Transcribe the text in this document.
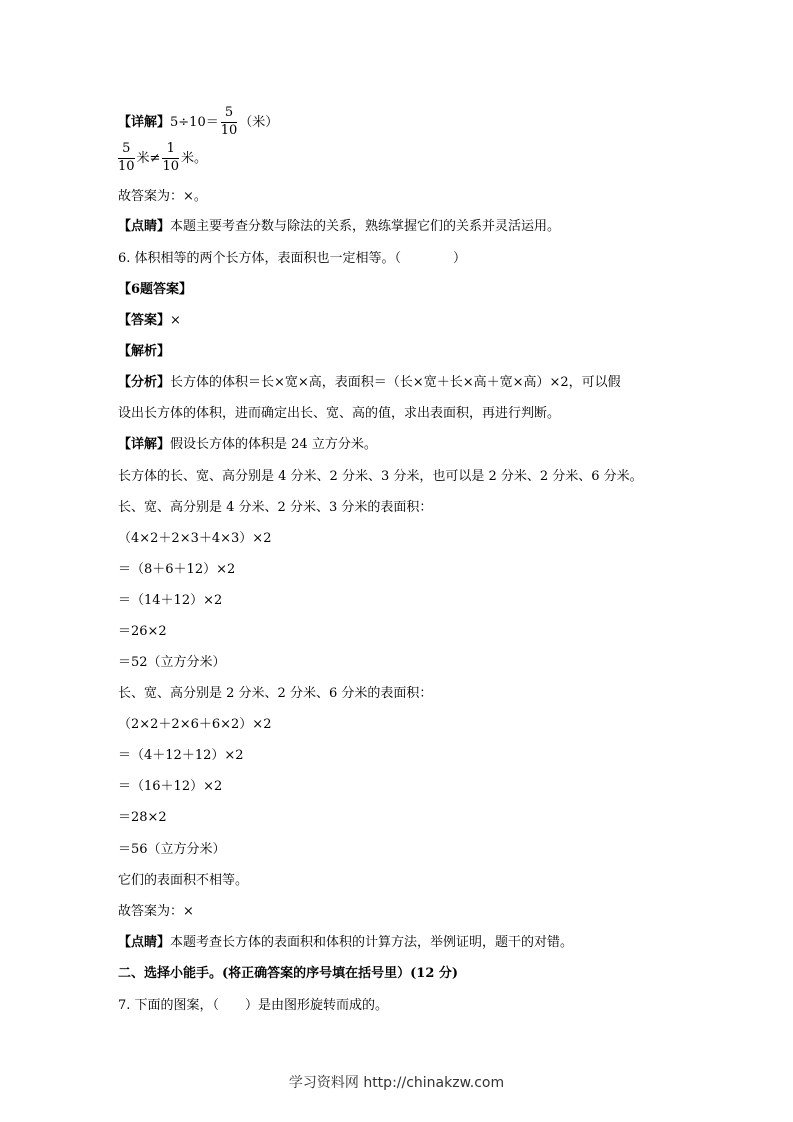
【详解】$5\div 10= \frac{5}{10}$ （米）
$\frac{5}{10}$ 米≠ $\frac{1}{10}$ 米。
故答案为：×。
【点睛】本题主要考查分数与除法的关系，熟练掌握它们的关系并灵活运用。
6. 体积相等的两个长方体，表面积也一定相等。（　　　　）
【6题答案】
【答案】×
【解析】
【分析】长方体的体积＝长×宽×高，表面积＝（长×宽＋长×高＋宽×高）×2，可以假
设出长方体的体积，进而确定出长、宽、高的值，求出表面积，再进行判断。
【详解】假设长方体的体积是 24 立方分米。
长方体的长、宽、高分别是 4 分米、2 分米、3 分米，也可以是 2 分米、2 分米、6 分米。
长、宽、高分别是 4 分米、2 分米、3 分米的表面积：
（4×2＋2×3＋4×3）×2
＝（8＋6＋12）×2
＝（14＋12）×2
＝26×2
＝52（立方分米）
长、宽、高分别是 2 分米、2 分米、6 分米的表面积：
（2×2＋2×6＋6×2）×2
＝（4＋12＋12）×2
＝（16＋12）×2
＝28×2
＝56（立方分米）
它们的表面积不相等。
故答案为：×
【点睛】本题考查长方体的表面积和体积的计算方法，举例证明，题干的对错。
二、选择小能手。(将正确答案的序号填在括号里）(12 分)
7. 下面的图案，（　　）是由图形旋转而成的。
学习资料网 http://chinakzw.com
